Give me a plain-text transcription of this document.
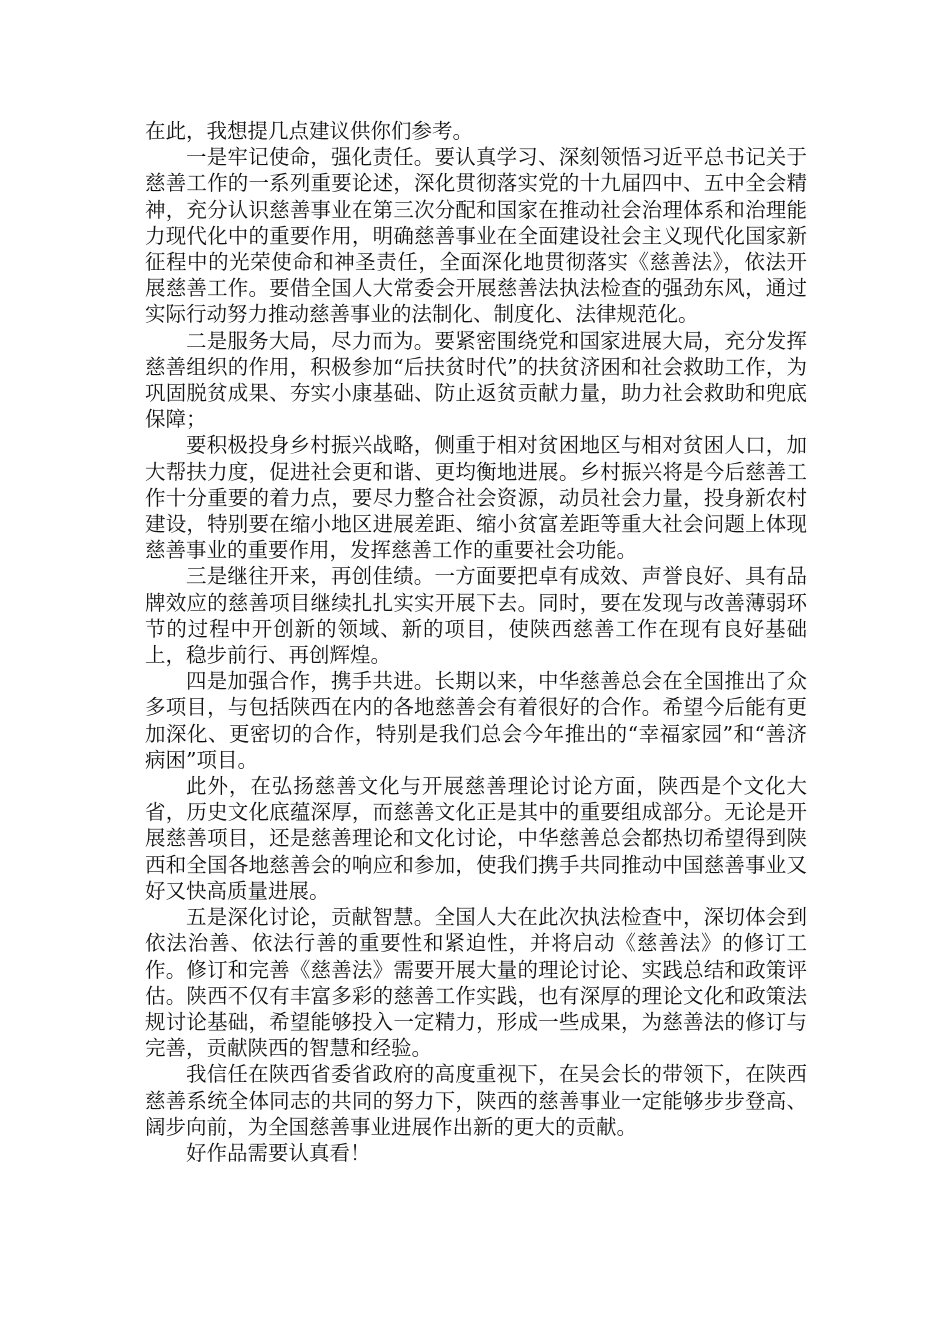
在此，我想提几点建议供你们参考。

一是牢记使命，强化责任。要认真学习、深刻领悟习近平总书记关于慈善工作的一系列重要论述，深化贯彻落实党的十九届四中、五中全会精神，充分认识慈善事业在第三次分配和国家在推动社会治理体系和治理能力现代化中的重要作用，明确慈善事业在全面建设社会主义现代化国家新征程中的光荣使命和神圣责任，全面深化地贯彻落实《慈善法》，依法开展慈善工作。要借全国人大常委会开展慈善法执法检查的强劲东风，通过实际行动努力推动慈善事业的法制化、制度化、法律规范化。

二是服务大局，尽力而为。要紧密围绕党和国家进展大局，充分发挥慈善组织的作用，积极参加“后扶贫时代”的扶贫济困和社会救助工作，为巩固脱贫成果、夯实小康基础、防止返贫贡献力量，助力社会救助和兜底保障；

要积极投身乡村振兴战略，侧重于相对贫困地区与相对贫困人口，加大帮扶力度，促进社会更和谐、更均衡地进展。乡村振兴将是今后慈善工作十分重要的着力点，要尽力整合社会资源，动员社会力量，投身新农村建设，特别要在缩小地区进展差距、缩小贫富差距等重大社会问题上体现慈善事业的重要作用，发挥慈善工作的重要社会功能。

三是继往开来，再创佳绩。一方面要把卓有成效、声誉良好、具有品牌效应的慈善项目继续扎扎实实开展下去。同时，要在发现与改善薄弱环节的过程中开创新的领域、新的项目，使陕西慈善工作在现有良好基础上，稳步前行、再创辉煌。

四是加强合作，携手共进。长期以来，中华慈善总会在全国推出了众多项目，与包括陕西在内的各地慈善会有着很好的合作。希望今后能有更加深化、更密切的合作，特别是我们总会今年推出的“幸福家园”和“善济病困”项目。

此外，在弘扬慈善文化与开展慈善理论讨论方面，陕西是个文化大省，历史文化底蕴深厚，而慈善文化正是其中的重要组成部分。无论是开展慈善项目，还是慈善理论和文化讨论，中华慈善总会都热切希望得到陕西和全国各地慈善会的响应和参加，使我们携手共同推动中国慈善事业又好又快高质量进展。

五是深化讨论，贡献智慧。全国人大在此次执法检查中，深切体会到依法治善、依法行善的重要性和紧迫性，并将启动《慈善法》的修订工作。修订和完善《慈善法》需要开展大量的理论讨论、实践总结和政策评估。陕西不仅有丰富多彩的慈善工作实践，也有深厚的理论文化和政策法规讨论基础，希望能够投入一定精力，形成一些成果，为慈善法的修订与完善，贡献陕西的智慧和经验。

我信任在陕西省委省政府的高度重视下，在吴会长的带领下，在陕西慈善系统全体同志的共同的努力下，陕西的慈善事业一定能够步步登高、阔步向前，为全国慈善事业进展作出新的更大的贡献。

好作品需要认真看！
